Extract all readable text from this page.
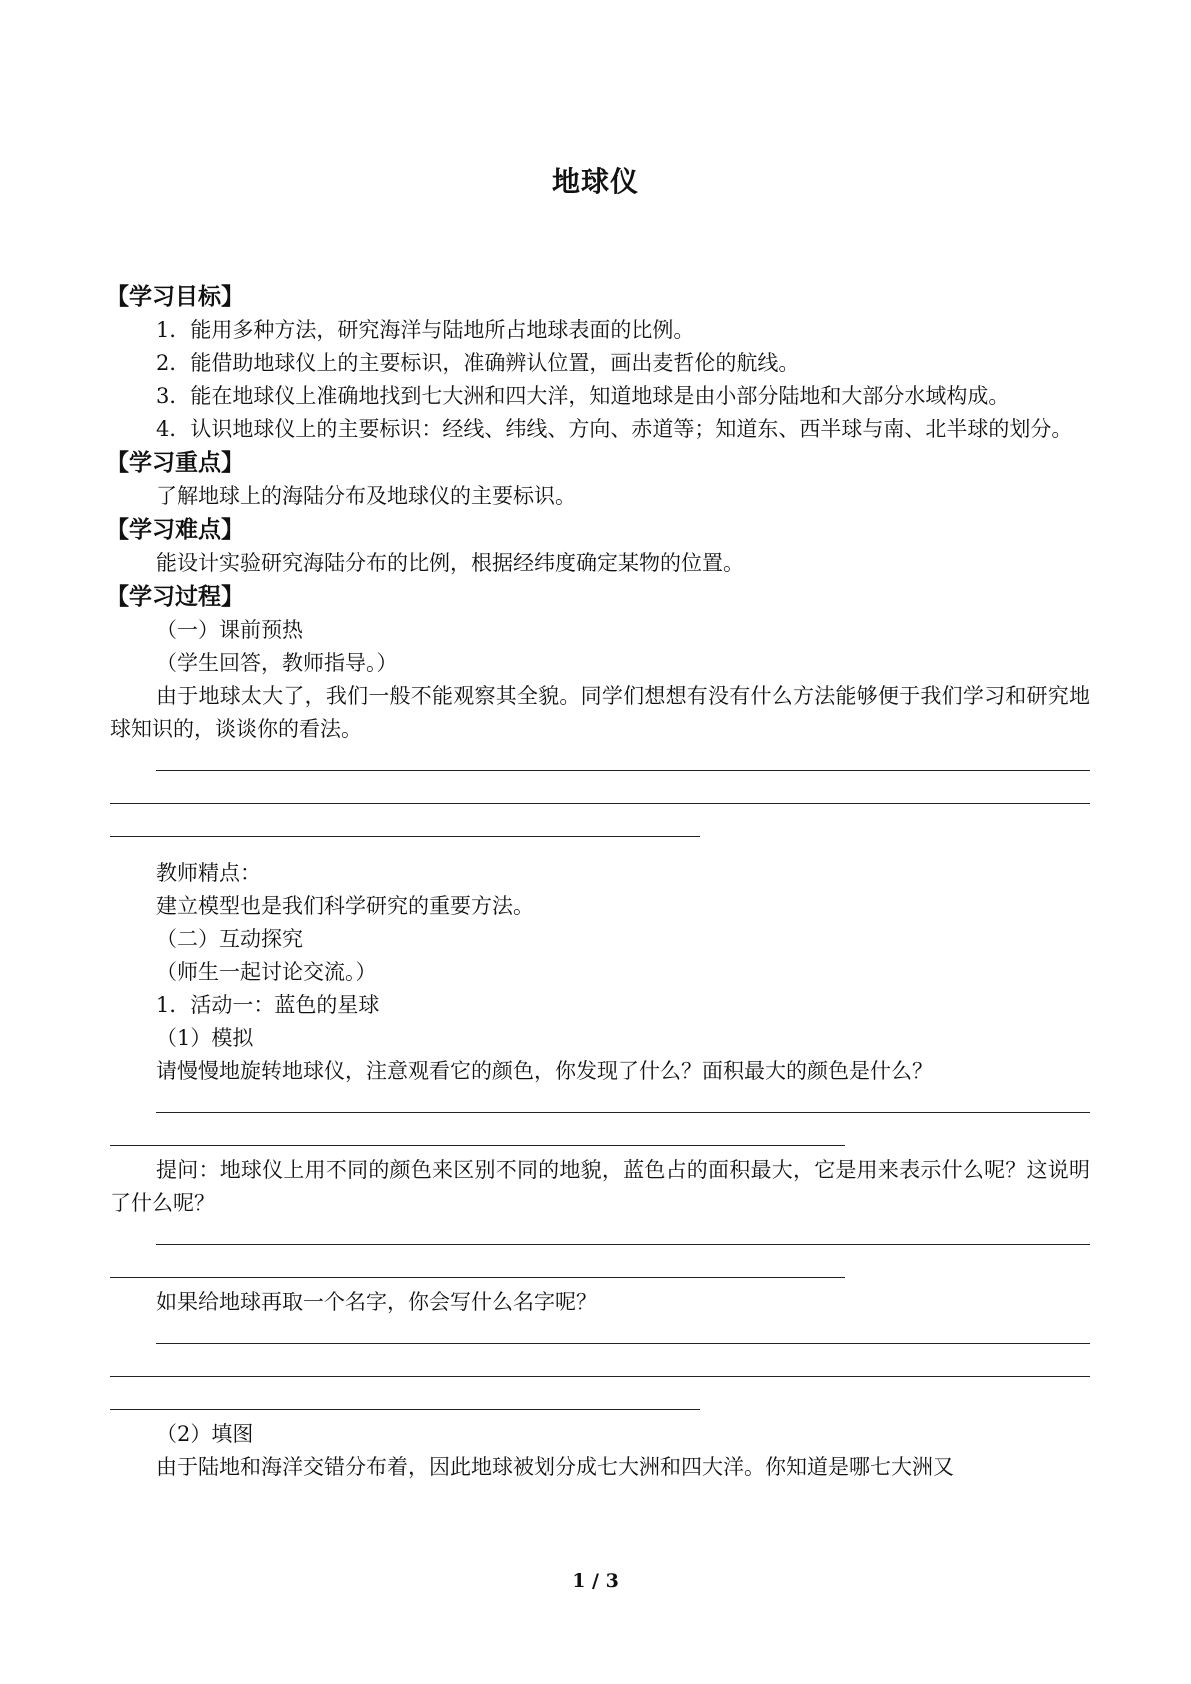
地球仪
【学习目标】
1．能用多种方法，研究海洋与陆地所占地球表面的比例。
2．能借助地球仪上的主要标识，准确辨认位置，画出麦哲伦的航线。
3．能在地球仪上准确地找到七大洲和四大洋，知道地球是由小部分陆地和大部分水域构成。
4．认识地球仪上的主要标识：经线、纬线、方向、赤道等；知道东、西半球与南、北半球的划分。
【学习重点】
了解地球上的海陆分布及地球仪的主要标识。
【学习难点】
能设计实验研究海陆分布的比例，根据经纬度确定某物的位置。
【学习过程】
（一）课前预热
（学生回答，教师指导。）
由于地球太大了，我们一般不能观察其全貌。同学们想想有没有什么方法能够便于我们学习和研究地球知识的，谈谈你的看法。
教师精点：
建立模型也是我们科学研究的重要方法。
（二）互动探究
（师生一起讨论交流。）
1．活动一：蓝色的星球
（1）模拟
请慢慢地旋转地球仪，注意观看它的颜色，你发现了什么？面积最大的颜色是什么？
提问：地球仪上用不同的颜色来区别不同的地貌，蓝色占的面积最大，它是用来表示什么呢？这说明了什么呢？
如果给地球再取一个名字，你会写什么名字呢？
（2）填图
由于陆地和海洋交错分布着，因此地球被划分成七大洲和四大洋。你知道是哪七大洲又
1 / 3
